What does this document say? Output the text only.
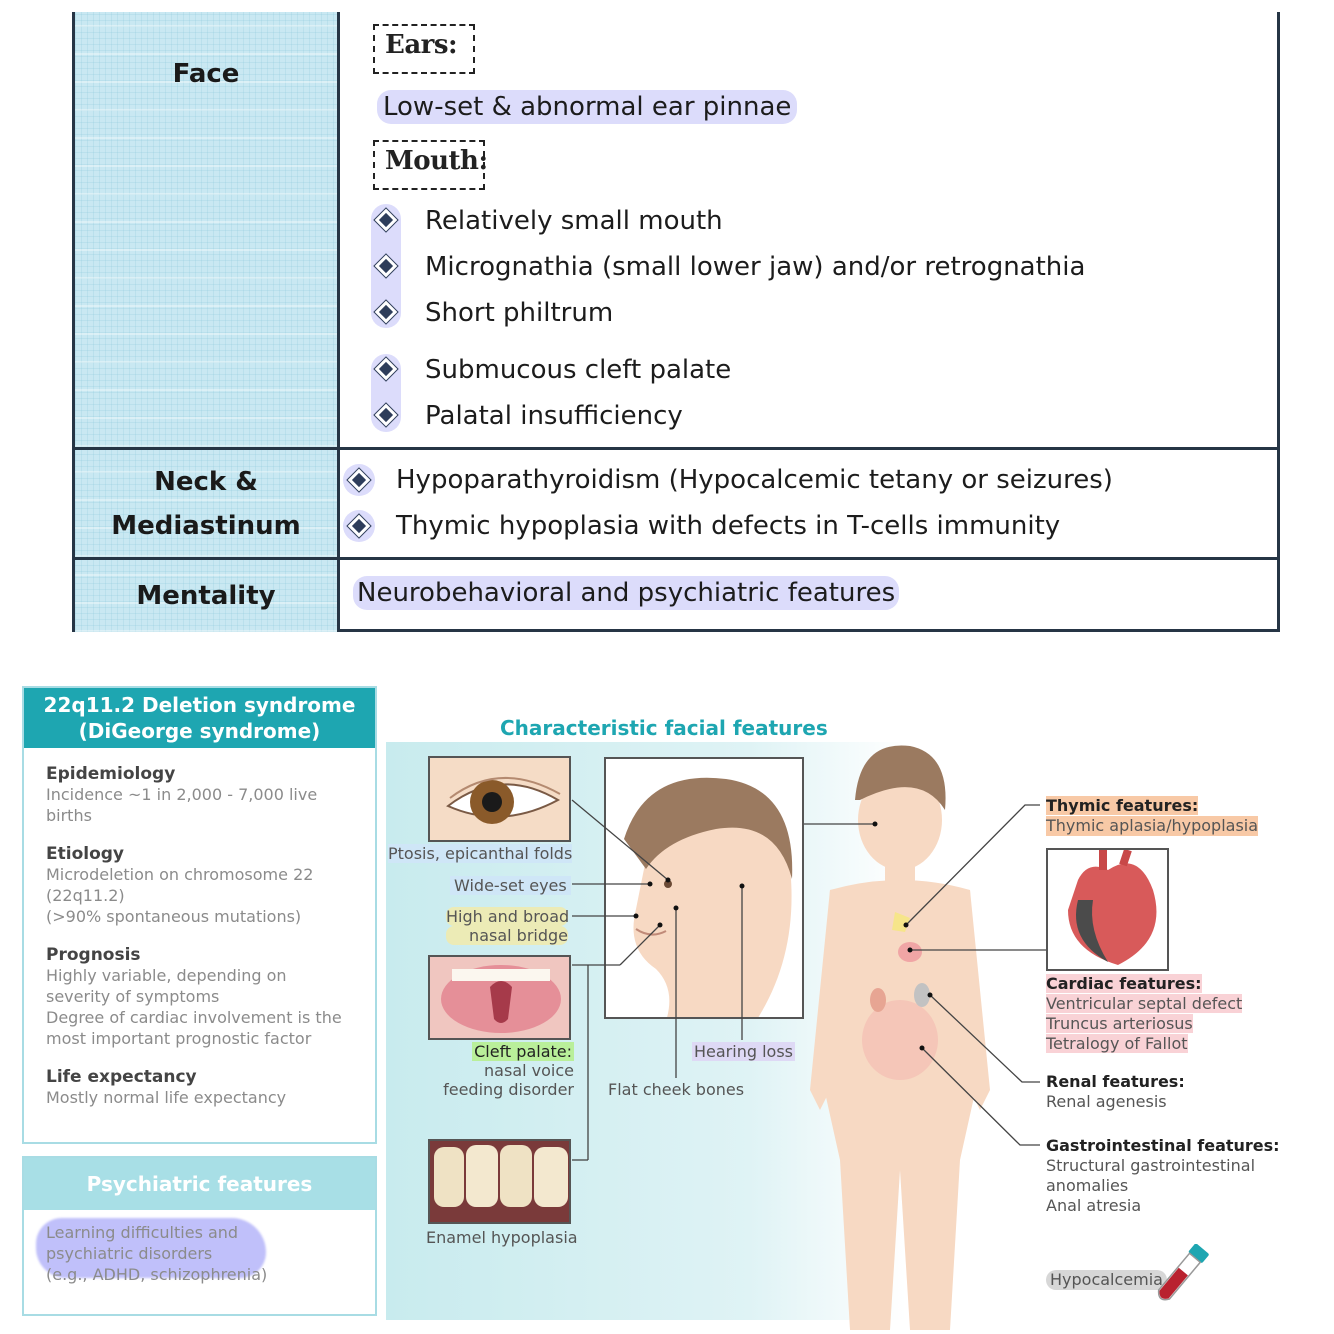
Face
Ears:
Low-set & abnormal ear pinnae
Mouth:
Relatively small mouth
Micrognathia (small lower jaw) and/or retrognathia
Short philtrum
Submucous cleft palate
Palatal insufficiency
Neck &
Mediastinum
Hypoparathyroidism (Hypocalcemic tetany or seizures)
Thymic hypoplasia with defects in T-cells immunity
Mentality	Neurobehavioral and psychiatric features
22q11.2 Deletion syndrome
(DiGeorge syndrome)
Epidemiology
Incidence ~1 in 2,000 - 7,000 live births
Etiology
Microdeletion on chromosome 22
(22q11.2)
(>90% spontaneous mutations)
Prognosis
Highly variable, depending on
severity of symptoms
Degree of cardiac involvement is the
most important prognostic factor
Life expectancy
Mostly normal life expectancy
Psychiatric features
Learning difficulties and
psychiatric disorders
(e.g., ADHD, schizophrenia)
Characteristic facial features
Ptosis, epicanthal folds
Wide-set eyes
High and broad
nasal bridge
Cleft palate:
nasal voice
feeding disorder
Hearing loss
Flat cheek bones
Enamel hypoplasia
Thymic features:
Thymic aplasia/hypoplasia
Cardiac features:
Ventricular septal defect
Truncus arteriosus
Tetralogy of Fallot
Renal features:
Renal agenesis
Gastrointestinal features:
Structural gastrointestinal
anomalies
Anal atresia
Hypocalcemia
